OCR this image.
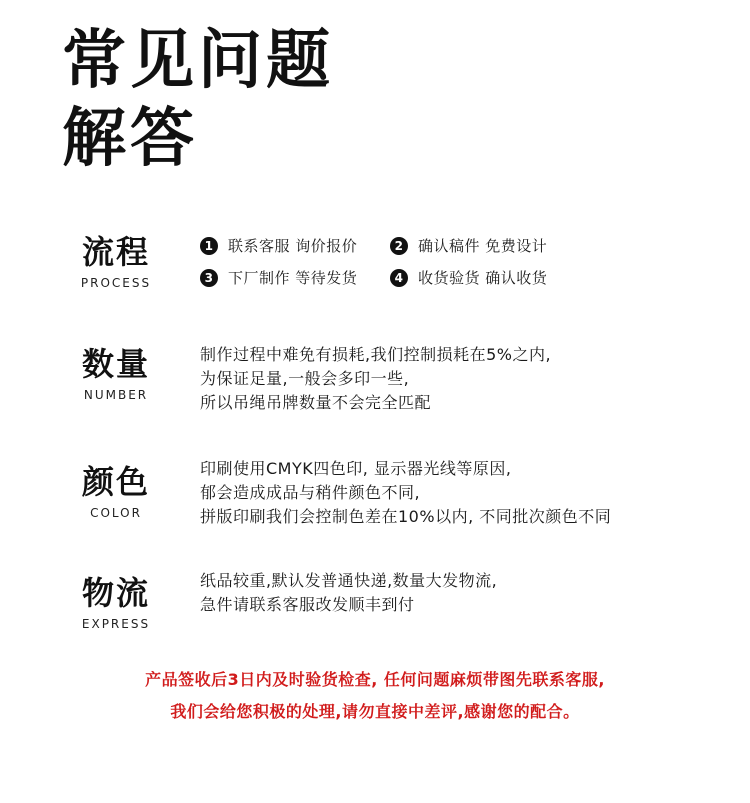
常见问题
解答
流程
PROCESS
1 联系客服 询价报价	2 确认稿件 免费设计
3 下厂制作 等待发货	4 收货验货 确认收货
数量
NUMBER
制作过程中难免有损耗,我们控制损耗在5%之内,
为保证足量,一般会多印一些,
所以吊绳吊牌数量不会完全匹配
颜色
COLOR
印刷使用CMYK四色印, 显示器光线等原因,
郁会造成成品与稍件颜色不同,
拼版印刷我们会控制色差在10%以内, 不同批次颜色不同
物流
EXPRESS
纸品较重,默认发普通快递,数量大发物流,
急件请联系客服改发顺丰到付
产品签收后3日内及时验货检查, 任何问题麻烦带图先联系客服,
我们会给您积极的处理,请勿直接中差评,感谢您的配合。
